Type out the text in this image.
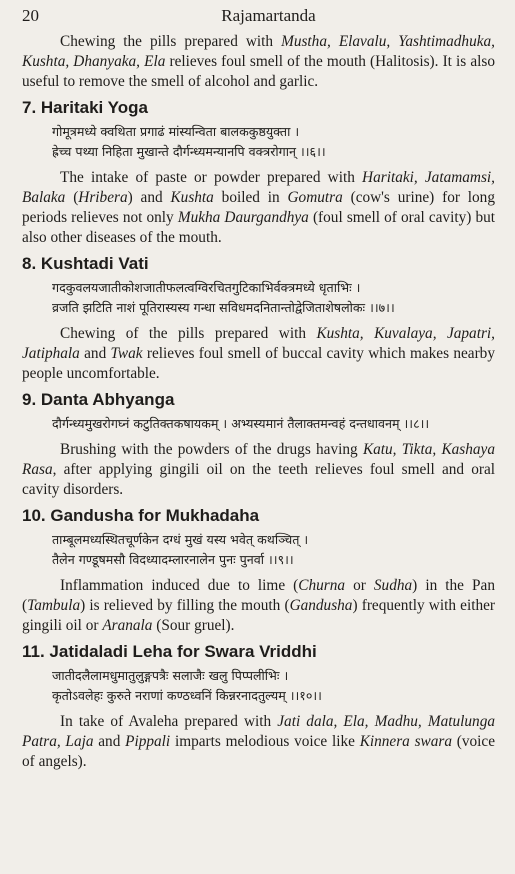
20	Rajamartanda

Chewing the pills prepared with Mustha, Elavalu, Yashtimadhuka, Kushta, Dhanyaka, Ela relieves foul smell of the mouth (Halitosis). It is also useful to remove the smell of alcohol and garlic.

7. Haritaki Yoga
गोमूत्रमध्ये क्वथिता प्रगाढं मांस्यन्विता बालककुष्ठयुक्ता ।
ह्रेच्च पथ्या निहिता मुखान्ते दौर्गन्ध्यमन्यानपि वक्त्ररोगान् ।।६।।

The intake of paste or powder prepared with Haritaki, Jatamamsi, Balaka (Hribera) and Kushta boiled in Gomutra (cow's urine) for long periods relieves not only Mukha Daurgandhya (foul smell of oral cavity) but also other diseases of the mouth.

8. Kushtadi Vati
गदकुवलयजातीकोशजातीफलत्वग्विरचितगुटिकाभिर्वक्त्रमध्ये धृताभिः ।
व्रजति झटिति नाशं पूतिरास्यस्य गन्धा सविधमदनितान्तोद्वेजिताशेषलोकः ।।७।।

Chewing of the pills prepared with Kushta, Kuvalaya, Japatri, Jatiphala and Twak relieves foul smell of buccal cavity which makes nearby people uncomfortable.

9. Danta Abhyanga
दौर्गन्ध्यमुखरोगघ्नं कटुतिक्तकषायकम् । अभ्यस्यमानं तैलाक्तमन्वहं दन्तधावनम् ।।८।।

Brushing with the powders of the drugs having Katu, Tikta, Kashaya Rasa, after applying gingili oil on the teeth relieves foul smell and oral cavity disorders.

10. Gandusha for Mukhadaha
ताम्बूलमध्यस्थितचूर्णकेन दग्धं मुखं यस्य भवेत् कथञ्चित् ।
तैलेन गण्डूषमसौ विदध्यादम्लारनालेन पुनः पुनर्वा ।।९।।

Inflammation induced due to lime (Churna or Sudha) in the Pan (Tambula) is relieved by filling the mouth (Gandusha) frequently with either gingili oil or Aranala (Sour gruel).

11. Jatidaladi Leha for Swara Vriddhi
जातीदलैलामधुमातुलुङ्गपत्रैः सलाजैः खलु पिप्पलीभिः ।
कृतोऽवलेहः कुरुते नराणां कण्ठध्वनिं किन्नरनादतुल्यम् ।।१०।।

In take of Avaleha prepared with Jati dala, Ela, Madhu, Matulunga Patra, Laja and Pippali imparts melodious voice like Kinnera swara (voice of angels).
